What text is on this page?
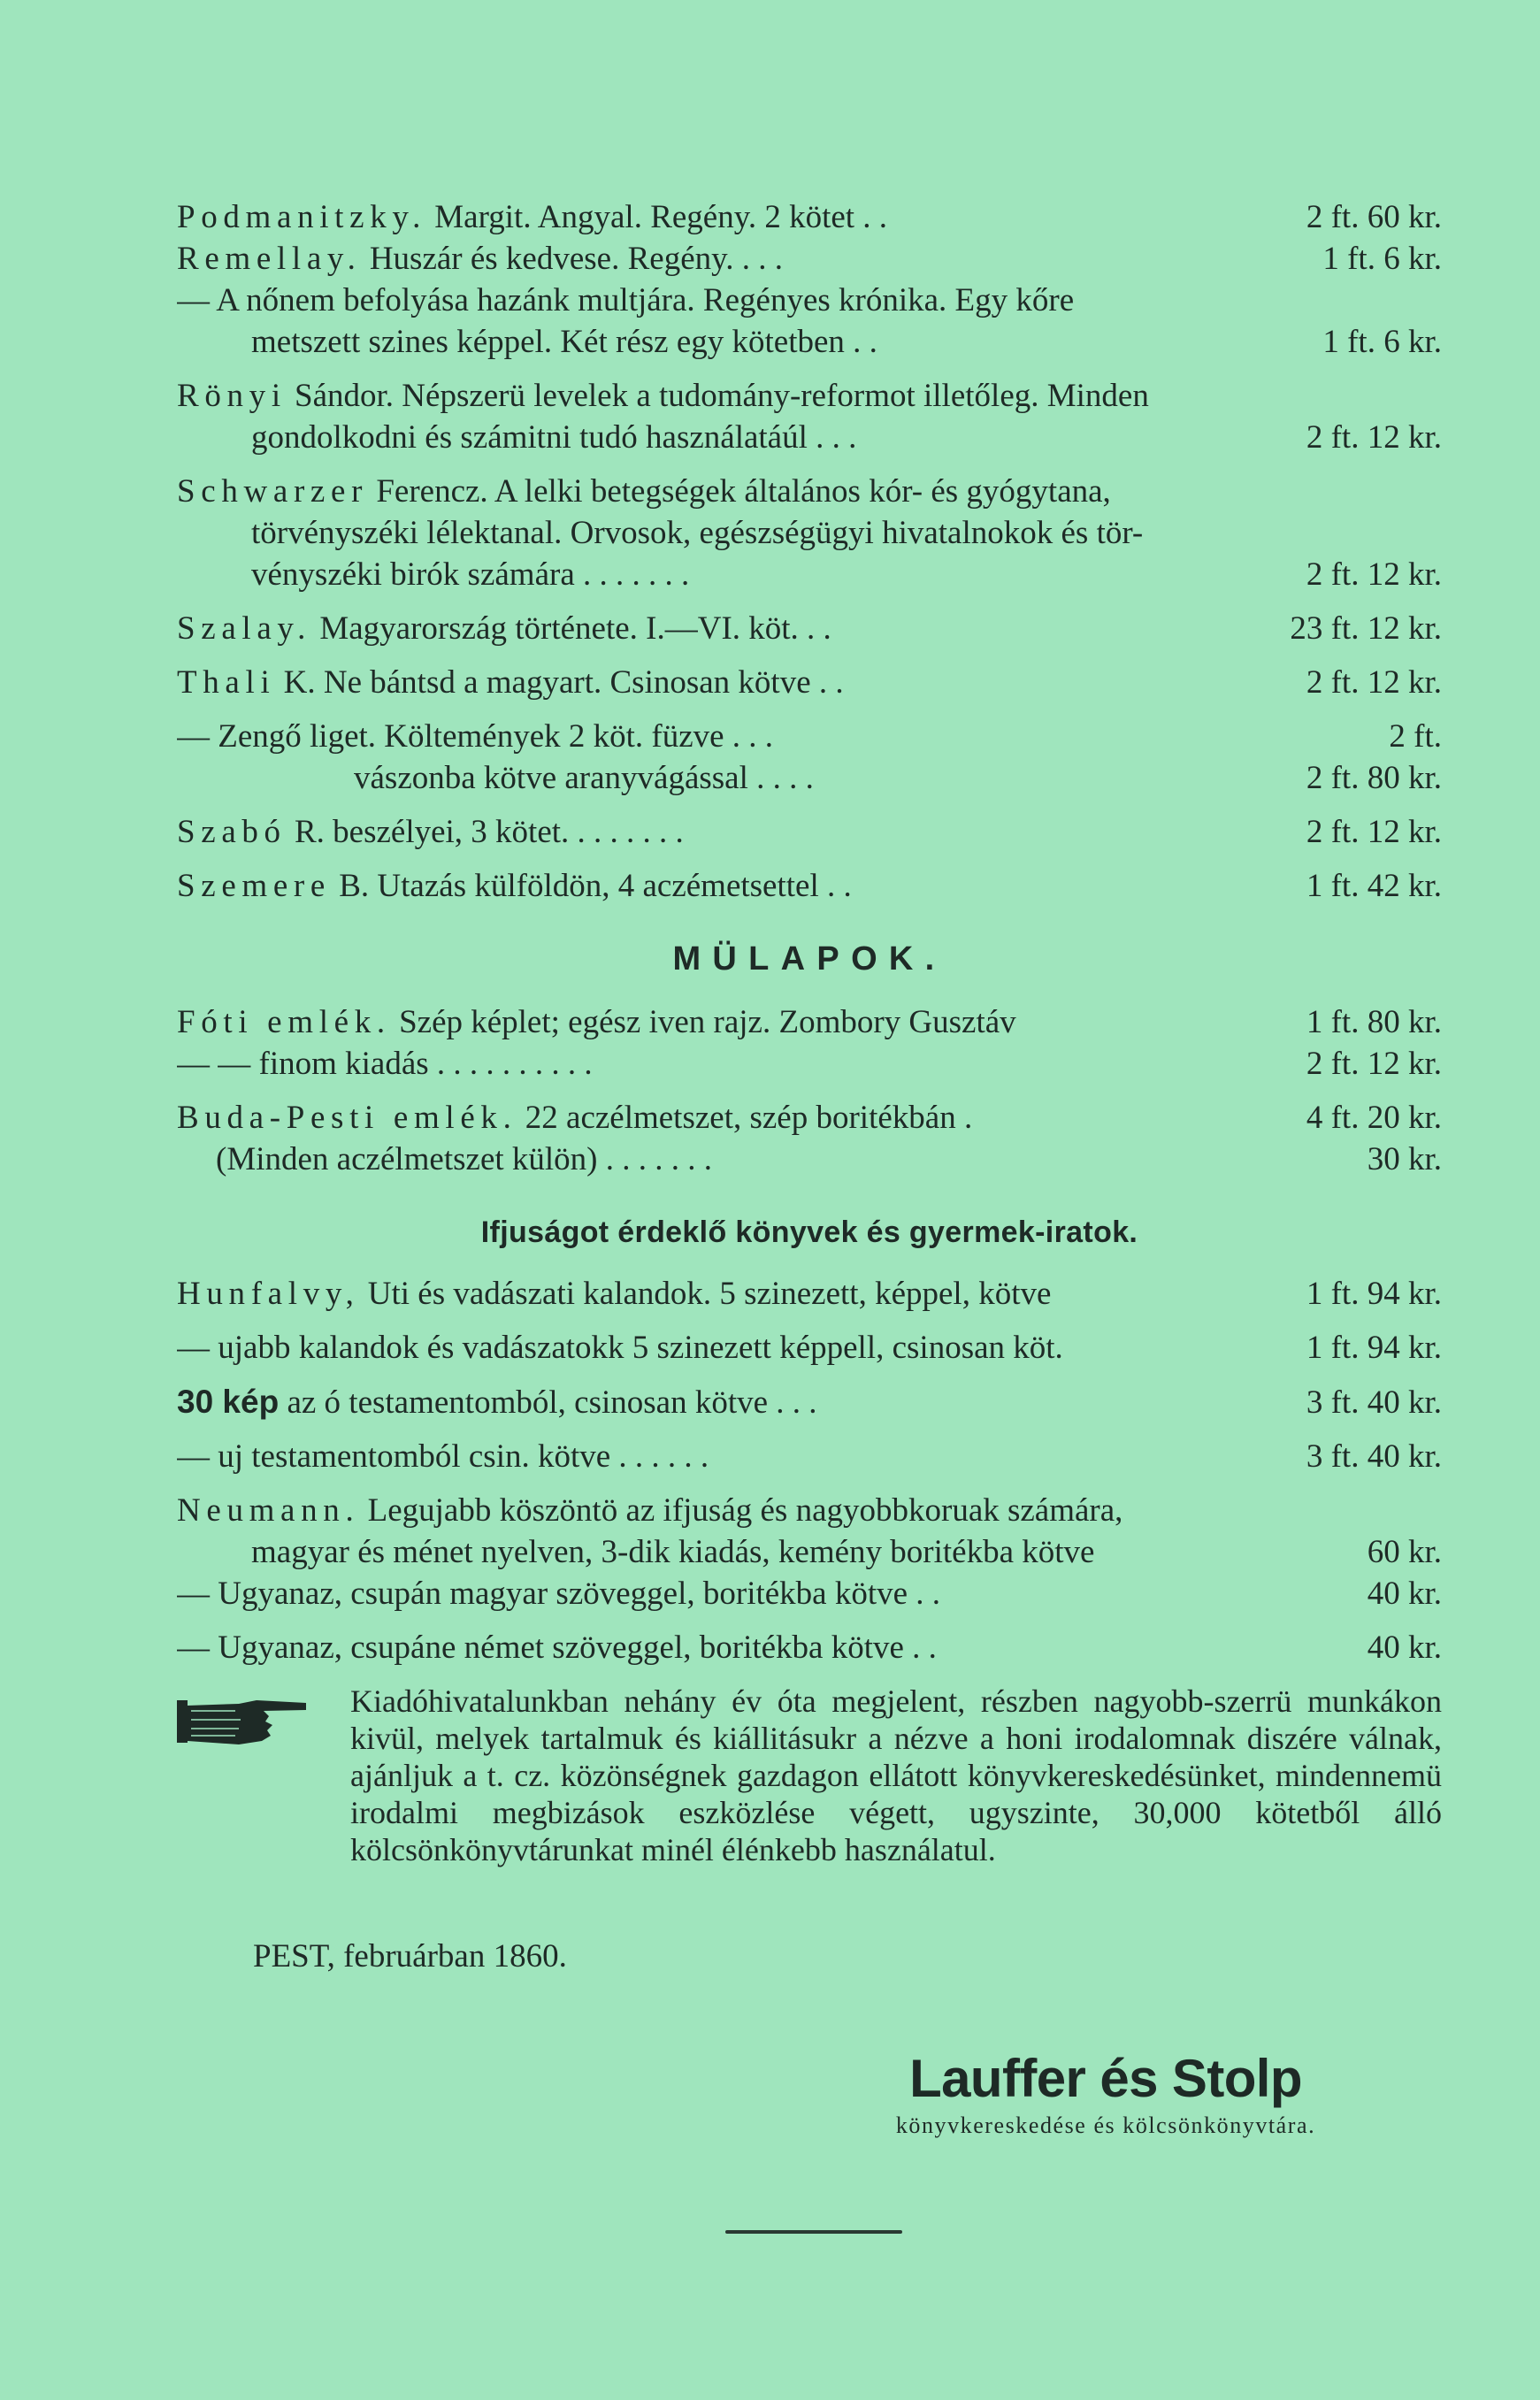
Podmanitzky. Margit. Angyal. Regény. 2 kötet . .	2 ft. 60 kr.
Remellay. Huszár és kedvese. Regény. . . .	1 ft. 6 kr.
— A nőnem befolyása hazánk multjára. Regényes krónika. Egy kőre
metszett szines képpel. Két rész egy kötetben . .	1 ft. 6 kr.
Rönyi Sándor. Népszerü levelek a tudomány-reformot illetőleg. Minden
gondolkodni és számitni tudó használatáúl . . .	2 ft. 12 kr.
Schwarzer Ferencz. A lelki betegségek általános kór- és gyógytana,
törvényszéki lélektanal. Orvosok, egészségügyi hivatalnokok és tör-
vényszéki birók számára . . . . . . .	2 ft. 12 kr.
Szalay. Magyarország története. I.—VI. köt. . .	23 ft. 12 kr.
Thali K. Ne bántsd a magyart. Csinosan kötve . .	2 ft. 12 kr.
— Zengő liget. Költemények 2 köt. füzve . . .	2 ft.
vászonba kötve aranyvágással . . . .	2 ft. 80 kr.
Szabó R. beszélyei, 3 kötet. . . . . . . .	2 ft. 12 kr.
Szemere B. Utazás külföldön, 4 aczémetsettel . .	1 ft. 42 kr.
MÜLAPOK.
Fóti emlék. Szép képlet; egész iven rajz. Zombory Gusztáv	1 ft. 80 kr.
— — finom kiadás . . . . . . . . . .	2 ft. 12 kr.
Buda-Pesti emlék. 22 aczélmetszet, szép boritékbán .	4 ft. 20 kr.
(Minden aczélmetszet külön) . . . . . . .	30 kr.
Ifjuságot érdeklő könyvek és gyermek-iratok.
Hunfalvy, Uti és vadászati kalandok. 5 szinezett, képpel, kötve	1 ft. 94 kr.
— ujabb kalandok és vadászatokk 5 szinezett képpell, csinosan köt.	1 ft. 94 kr.
30 kép az ó testamentomból, csinosan kötve . . .	3 ft. 40 kr.
— uj testamentomból csin. kötve . . . . . .	3 ft. 40 kr.
Neumann. Legujabb köszöntö az ifjuság és nagyobbkoruak számára,
magyar és ménet nyelven, 3-dik kiadás, kemény boritékba kötve	60 kr.
— Ugyanaz, csupán magyar szöveggel, boritékba kötve . .	40 kr.
— Ugyanaz, csupáne német szöveggel, boritékba kötve . .	40 kr.
Kiadóhivatalunkban nehány év óta megjelent, részben nagyobb-szerrü munkákon kivül, melyek tartalmuk és kiállitásukr a nézve a honi irodalomnak diszére válnak, ajánljuk a t. cz. közönségnek gazdagon ellátott könyvkereskedésünket, mindennemü irodalmi megbizások eszközlése végett, ugyszinte, 30,000 kötetből álló kölcsönkönyvtárunkat minél élénkebb használatul.
PEST, februárban 1860.
Lauffer és Stolp
könyvkereskedése és kölcsönkönyvtára.
